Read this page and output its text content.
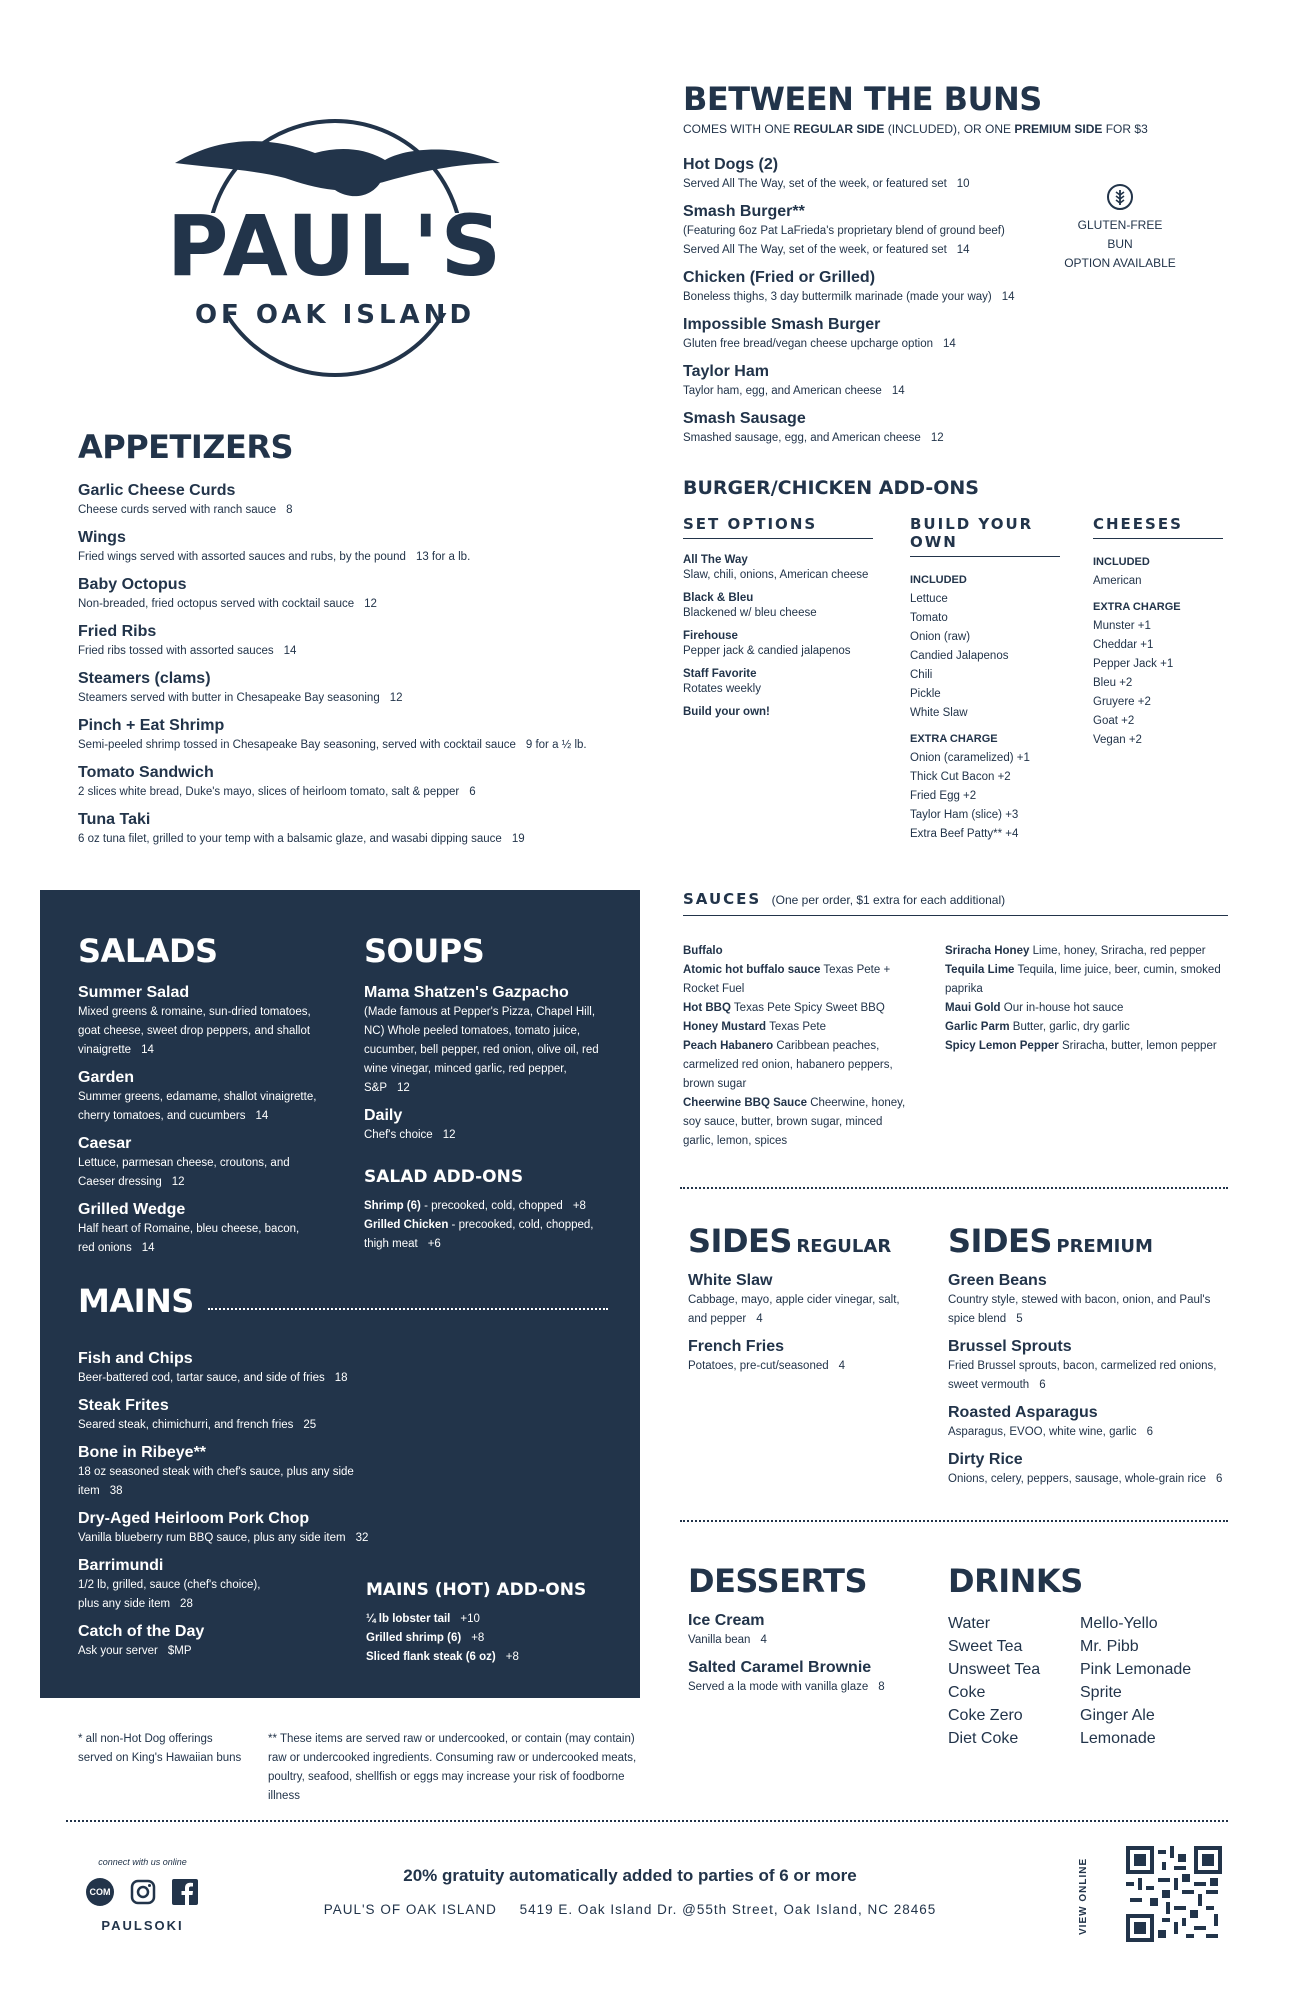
PAUL'S
OF OAK ISLAND
BETWEEN THE BUNS
COMES WITH ONE REGULAR SIDE (INCLUDED), OR ONE PREMIUM SIDE FOR $3
Hot Dogs (2)
Served All The Way, set of the week, or featured set 10
Smash Burger**
(Featuring 6oz Pat LaFrieda's proprietary blend of ground beef)
Served All The Way, set of the week, or featured set 14
Chicken (Fried or Grilled)
Boneless thighs, 3 day buttermilk marinade (made your way) 14
Impossible Smash Burger
Gluten free bread/vegan cheese upcharge option 14
Taylor Ham
Taylor ham, egg, and American cheese 14
Smash Sausage
Smashed sausage, egg, and American cheese 12
GLUTEN-FREE
BUN
OPTION AVAILABLE
APPETIZERS
Garlic Cheese Curds
Cheese curds served with ranch sauce 8
Wings
Fried wings served with assorted sauces and rubs, by the pound 13 for a lb.
Baby Octopus
Non-breaded, fried octopus served with cocktail sauce 12
Fried Ribs
Fried ribs tossed with assorted sauces 14
Steamers (clams)
Steamers served with butter in Chesapeake Bay seasoning 12
Pinch + Eat Shrimp
Semi-peeled shrimp tossed in Chesapeake Bay seasoning, served with cocktail sauce 9 for a ½ lb.
Tomato Sandwich
2 slices white bread, Duke's mayo, slices of heirloom tomato, salt & pepper 6
Tuna Taki
6 oz tuna filet, grilled to your temp with a balsamic glaze, and wasabi dipping sauce 19
BURGER/CHICKEN ADD-ONS
SET OPTIONS
All The Way
Slaw, chili, onions, American cheese
Black & Bleu
Blackened w/ bleu cheese
Firehouse
Pepper jack & candied jalapenos
Staff Favorite
Rotates weekly
Build your own!
BUILD YOUR OWN
INCLUDED
Lettuce
Tomato
Onion (raw)
Candied Jalapenos
Chili
Pickle
White Slaw
EXTRA CHARGE
Onion (caramelized) +1
Thick Cut Bacon +2
Fried Egg +2
Taylor Ham (slice) +3
Extra Beef Patty** +4
CHEESES
INCLUDED
American
EXTRA CHARGE
Munster +1
Cheddar +1
Pepper Jack +1
Bleu +2
Gruyere +2
Goat +2
Vegan +2
SAUCES (One per order, $1 extra for each additional)
Buffalo
Atomic hot buffalo sauce Texas Pete + Rocket Fuel
Hot BBQ Texas Pete Spicy Sweet BBQ
Honey Mustard Texas Pete
Peach Habanero Caribbean peaches, carmelized red onion, habanero peppers, brown sugar
Cheerwine BBQ Sauce Cheerwine, honey, soy sauce, butter, brown sugar, minced garlic, lemon, spices
Sriracha Honey Lime, honey, Sriracha, red pepper
Tequila Lime Tequila, lime juice, beer, cumin, smoked paprika
Maui Gold Our in-house hot sauce
Garlic Parm Butter, garlic, dry garlic
Spicy Lemon Pepper Sriracha, butter, lemon pepper
SALADS
Summer Salad
Mixed greens & romaine, sun-dried tomatoes, goat cheese, sweet drop peppers, and shallot vinaigrette 14
Garden
Summer greens, edamame, shallot vinaigrette, cherry tomatoes, and cucumbers 14
Caesar
Lettuce, parmesan cheese, croutons, and Caeser dressing 12
Grilled Wedge
Half heart of Romaine, bleu cheese, bacon, red onions 14
SOUPS
Mama Shatzen's Gazpacho
(Made famous at Pepper's Pizza, Chapel Hill, NC) Whole peeled tomatoes, tomato juice, cucumber, bell pepper, red onion, olive oil, red wine vinegar, minced garlic, red pepper, S&P 12
Daily
Chef's choice 12
SALAD ADD-ONS
Shrimp (6) - precooked, cold, chopped +8
Grilled Chicken - precooked, cold, chopped, thigh meat +6
MAINS
Fish and Chips
Beer-battered cod, tartar sauce, and side of fries 18
Steak Frites
Seared steak, chimichurri, and french fries 25
Bone in Ribeye**
18 oz seasoned steak with chef's sauce, plus any side item 38
Dry-Aged Heirloom Pork Chop
Vanilla blueberry rum BBQ sauce, plus any side item 32
Barrimundi
1/2 lb, grilled, sauce (chef's choice), plus any side item 28
Catch of the Day
Ask your server $MP
MAINS (HOT) ADD-ONS
¼ lb lobster tail +10
Grilled shrimp (6) +8
Sliced flank steak (6 oz) +8
SIDES REGULAR
White Slaw
Cabbage, mayo, apple cider vinegar, salt, and pepper 4
French Fries
Potatoes, pre-cut/seasoned 4
SIDES PREMIUM
Green Beans
Country style, stewed with bacon, onion, and Paul's spice blend 5
Brussel Sprouts
Fried Brussel sprouts, bacon, carmelized red onions, sweet vermouth 6
Roasted Asparagus
Asparagus, EVOO, white wine, garlic 6
Dirty Rice
Onions, celery, peppers, sausage, whole-grain rice 6
DESSERTS
Ice Cream
Vanilla bean 4
Salted Caramel Brownie
Served a la mode with vanilla glaze 8
DRINKS
Water
Sweet Tea
Unsweet Tea
Coke
Coke Zero
Diet Coke
Mello-Yello
Mr. Pibb
Pink Lemonade
Sprite
Ginger Ale
Lemonade
* all non-Hot Dog offerings served on King's Hawaiian buns
** These items are served raw or undercooked, or contain (may contain) raw or undercooked ingredients. Consuming raw or undercooked meats, poultry, seafood, shellfish or eggs may increase your risk of foodborne illness
connect with us online
COM
PAULSOKI
20% gratuity automatically added to parties of 6 or more
PAUL'S OF OAK ISLAND 5419 E. Oak Island Dr. @55th Street, Oak Island, NC 28465	VIEW ONLINE
